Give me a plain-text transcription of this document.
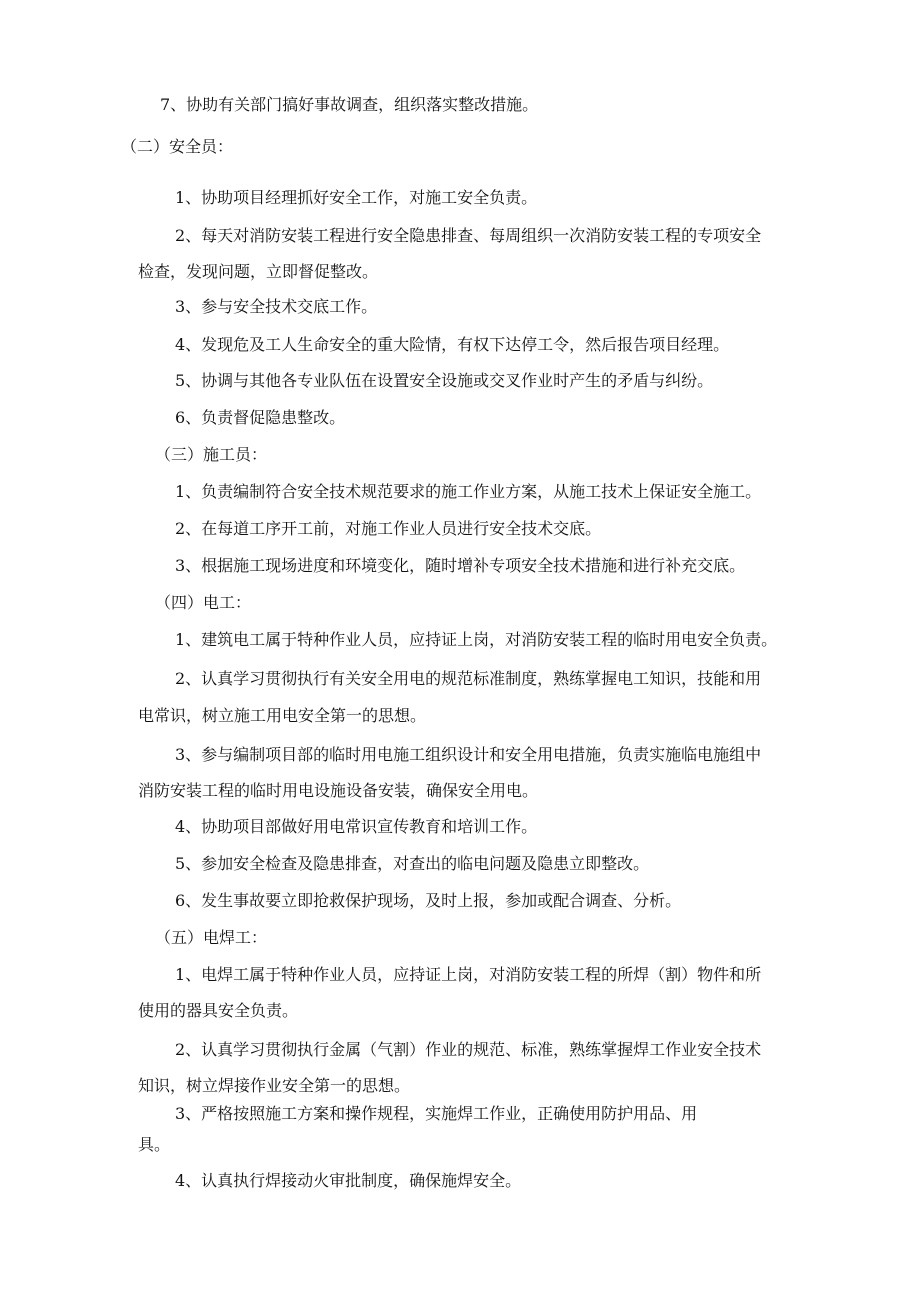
7、协助有关部门搞好事故调查，组织落实整改措施。
（二）安全员：
1、协助项目经理抓好安全工作，对施工安全负责。
2、每天对消防安装工程进行安全隐患排查、每周组织一次消防安装工程的专项安全
检查，发现问题，立即督促整改。
3、参与安全技术交底工作。
4、发现危及工人生命安全的重大险情，有权下达停工令，然后报告项目经理。
5、协调与其他各专业队伍在设置安全设施或交叉作业时产生的矛盾与纠纷。
6、负责督促隐患整改。
（三）施工员：
1、负责编制符合安全技术规范要求的施工作业方案，从施工技术上保证安全施工。
2、在每道工序开工前，对施工作业人员进行安全技术交底。
3、根据施工现场进度和环境变化，随时增补专项安全技术措施和进行补充交底。
（四）电工：
1、建筑电工属于特种作业人员，应持证上岗，对消防安装工程的临时用电安全负责。
2、认真学习贯彻执行有关安全用电的规范标准制度，熟练掌握电工知识，技能和用
电常识，树立施工用电安全第一的思想。
3、参与编制项目部的临时用电施工组织设计和安全用电措施，负责实施临电施组中
消防安装工程的临时用电设施设备安装，确保安全用电。
4、协助项目部做好用电常识宣传教育和培训工作。
5、参加安全检查及隐患排查，对查出的临电问题及隐患立即整改。
6、发生事故要立即抢救保护现场，及时上报，参加或配合调查、分析。
（五）电焊工：
1、电焊工属于特种作业人员，应持证上岗，对消防安装工程的所焊（割）物件和所
使用的器具安全负责。
2、认真学习贯彻执行金属（气割）作业的规范、标准，熟练掌握焊工作业安全技术
知识，树立焊接作业安全第一的思想。
3、严格按照施工方案和操作规程，实施焊工作业，正确使用防护用品、用
具。
4、认真执行焊接动火审批制度，确保施焊安全。
